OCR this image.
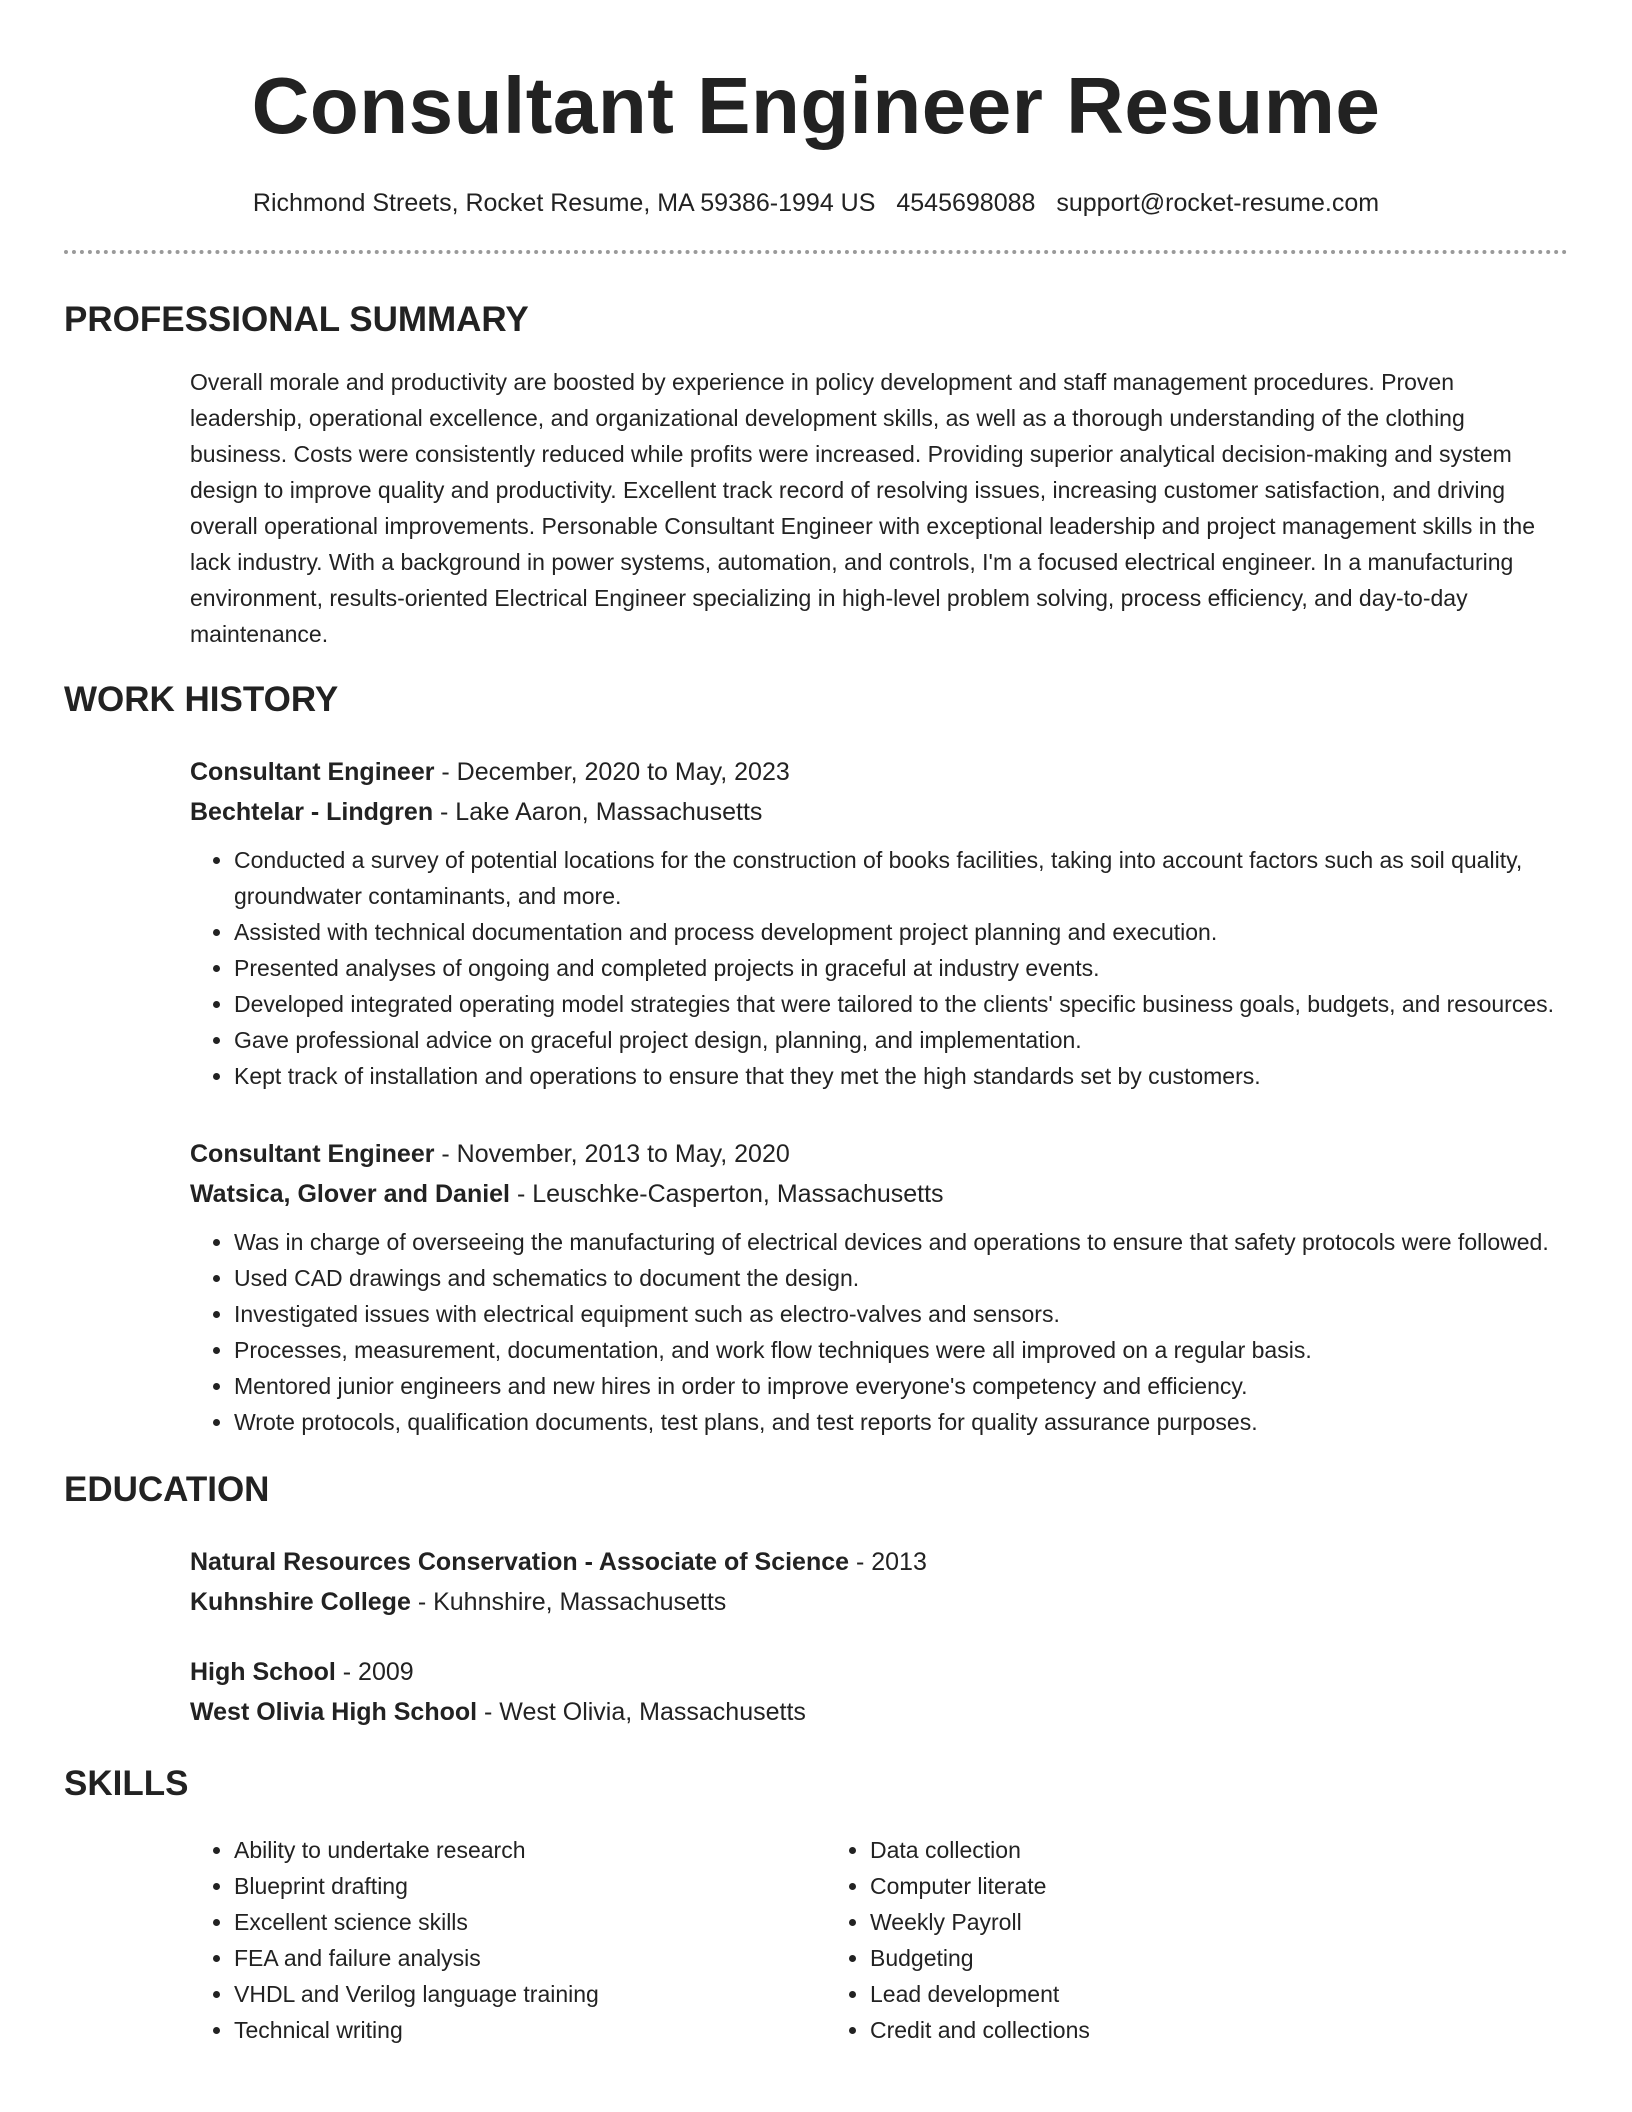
Consultant Engineer Resume
Richmond Streets, Rocket Resume, MA 59386-1994 US 4545698088 support@rocket-resume.com
PROFESSIONAL SUMMARY
Overall morale and productivity are boosted by experience in policy development and staff management procedures. Proven leadership, operational excellence, and organizational development skills, as well as a thorough understanding of the clothing business. Costs were consistently reduced while profits were increased. Providing superior analytical decision-making and system design to improve quality and productivity. Excellent track record of resolving issues, increasing customer satisfaction, and driving overall operational improvements. Personable Consultant Engineer with exceptional leadership and project management skills in the lack industry. With a background in power systems, automation, and controls, I'm a focused electrical engineer. In a manufacturing environment, results-oriented Electrical Engineer specializing in high-level problem solving, process efficiency, and day-to-day maintenance.
WORK HISTORY
Consultant Engineer - December, 2020 to May, 2023
Bechtelar - Lindgren - Lake Aaron, Massachusetts
• Conducted a survey of potential locations for the construction of books facilities, taking into account factors such as soil quality, groundwater contaminants, and more.
• Assisted with technical documentation and process development project planning and execution.
• Presented analyses of ongoing and completed projects in graceful at industry events.
• Developed integrated operating model strategies that were tailored to the clients' specific business goals, budgets, and resources.
• Gave professional advice on graceful project design, planning, and implementation.
• Kept track of installation and operations to ensure that they met the high standards set by customers.
Consultant Engineer - November, 2013 to May, 2020
Watsica, Glover and Daniel - Leuschke-Casperton, Massachusetts
• Was in charge of overseeing the manufacturing of electrical devices and operations to ensure that safety protocols were followed.
• Used CAD drawings and schematics to document the design.
• Investigated issues with electrical equipment such as electro-valves and sensors.
• Processes, measurement, documentation, and work flow techniques were all improved on a regular basis.
• Mentored junior engineers and new hires in order to improve everyone's competency and efficiency.
• Wrote protocols, qualification documents, test plans, and test reports for quality assurance purposes.
EDUCATION
Natural Resources Conservation - Associate of Science - 2013
Kuhnshire College - Kuhnshire, Massachusetts
High School - 2009
West Olivia High School - West Olivia, Massachusetts
SKILLS
• Ability to undertake research
• Blueprint drafting
• Excellent science skills
• FEA and failure analysis
• VHDL and Verilog language training
• Technical writing
• Data collection
• Computer literate
• Weekly Payroll
• Budgeting
• Lead development
• Credit and collections
